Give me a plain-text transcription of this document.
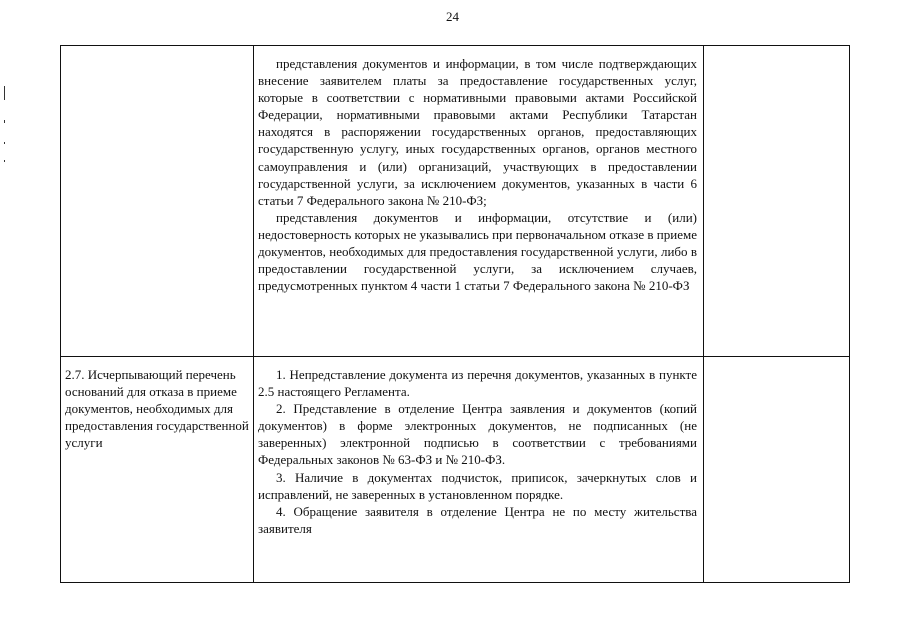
24

	представления документов и информации, в том числе подтверждающих внесение заявителем платы за предоставление государственных услуг, которые в соответствии с нормативными правовыми актами Российской Федерации, нормативными правовыми актами Республики Татарстан находятся в распоряжении государственных органов, предоставляющих государственную услугу, иных государственных органов, органов местного самоуправления и (или) организаций, участвующих в предоставлении государственной услуги, за исключением документов, указанных в части 6 статьи 7 Федерального закона № 210-ФЗ;

представления документов и информации, отсутствие и (или) недостоверность которых не указывались при первоначальном отказе в приеме документов, необходимых для предоставления государственной услуги, либо в предоставлении государственной услуги, за исключением случаев, предусмотренных пунктом 4 части 1 статьи 7 Федерального закона № 210-ФЗ	

2.7. Исчерпывающий перечень оснований для отказа в приеме документов, необходимых для предоставления государственной услуги	1. Непредставление документа из перечня документов, указанных в пункте 2.5 настоящего Регламента.

2. Представление в отделение Центра заявления и документов (копий документов) в форме электронных документов, не подписанных (не заверенных) электронной подписью в соответствии с требованиями Федеральных законов № 63-ФЗ и № 210-ФЗ.

3. Наличие в документах подчисток, приписок, зачеркнутых слов и исправлений, не заверенных в установленном порядке.

4. Обращение заявителя в отделение Центра не по месту жительства заявителя	
